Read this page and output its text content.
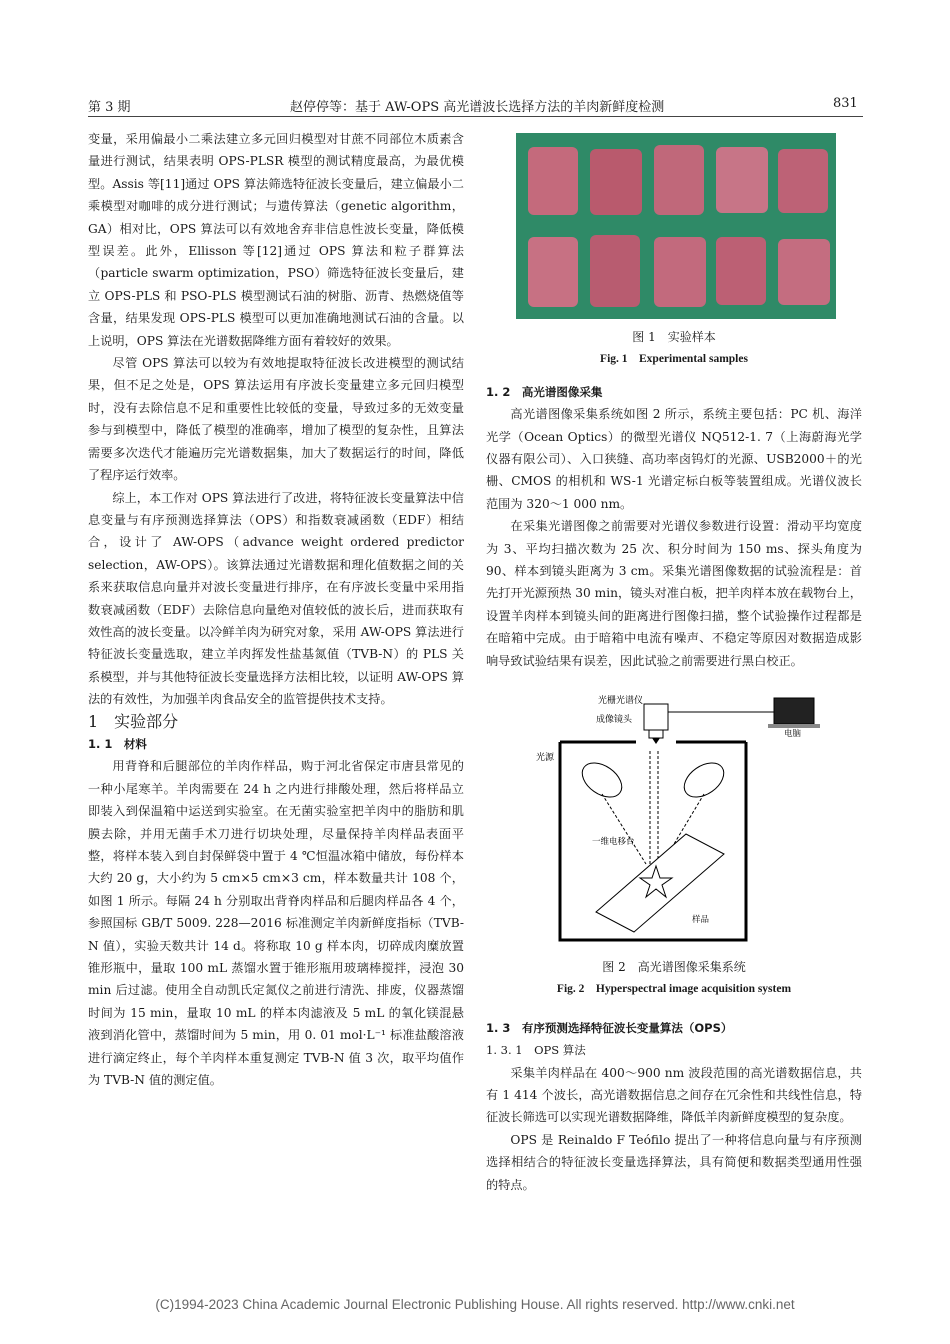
第 3 期	赵停停等：基于 AW-OPS 高光谱波长选择方法的羊肉新鲜度检测	831

变量，采用偏最小二乘法建立多元回归模型对甘蔗不同部位木质素含量进行测试，结果表明 OPS-PLSR 模型的测试精度最高，为最优模型。Assis 等[11]通过 OPS 算法筛选特征波长变量后，建立偏最小二乘模型对咖啡的成分进行测试；与遗传算法（genetic algorithm，GA）相对比，OPS 算法可以有效地舍弃非信息性波长变量，降低模型误差。此外，Ellisson 等[12]通过 OPS 算法和粒子群算法（particle swarm optimization，PSO）筛选特征波长变量后，建立 OPS-PLS 和 PSO-PLS 模型测试石油的树脂、沥青、热燃烧值等含量，结果发现 OPS-PLS 模型可以更加准确地测试石油的含量。以上说明，OPS 算法在光谱数据降维方面有着较好的效果。

尽管 OPS 算法可以较为有效地提取特征波长改进模型的测试结果，但不足之处是，OPS 算法运用有序波长变量建立多元回归模型时，没有去除信息不足和重要性比较低的变量，导致过多的无效变量参与到模型中，降低了模型的准确率，增加了模型的复杂性，且算法需要多次迭代才能遍历完光谱数据集，加大了数据运行的时间，降低了程序运行效率。

综上，本工作对 OPS 算法进行了改进，将特征波长变量算法中信息变量与有序预测选择算法（OPS）和指数衰减函数（EDF）相结合，设计了 AW-OPS（advance weight ordered predictor selection，AW-OPS）。该算法通过光谱数据和理化值数据之间的关系来获取信息向量并对波长变量进行排序，在有序波长变量中采用指数衰减函数（EDF）去除信息向量绝对值较低的波长后，进而获取有效性高的波长变量。以冷鲜羊肉为研究对象，采用 AW-OPS 算法进行特征波长变量选取，建立羊肉挥发性盐基氮值（TVB-N）的 PLS 关系模型，并与其他特征波长变量选择方法相比较，以证明 AW-OPS 算法的有效性，为加强羊肉食品安全的监管提供技术支持。

1　实验部分

1. 1　材料

用背脊和后腿部位的羊肉作样品，购于河北省保定市唐县常见的一种小尾寒羊。羊肉需要在 24 h 之内进行排酸处理，然后将样品立即装入到保温箱中运送到实验室。在无菌实验室把羊肉中的脂肪和肌膜去除，并用无菌手术刀进行切块处理，尽量保持羊肉样品表面平整，将样本装入到自封保鲜袋中置于 4 ℃恒温冰箱中储放，每份样本大约 20 g，大小约为 5 cm×5 cm×3 cm，样本数量共计 108 个，如图 1 所示。每隔 24 h 分别取出背脊肉样品和后腿肉样品各 4 个，参照国标 GB/T 5009. 228—2016 标准测定羊肉新鲜度指标（TVB-N 值），实验天数共计 14 d。将称取 10 g 样本肉，切碎成肉糜放置锥形瓶中，量取 100 mL 蒸馏水置于锥形瓶用玻璃棒搅拌，浸泡 30 min 后过滤。使用全自动凯氏定氮仪之前进行清洗、排废，仪器蒸馏时间为 15 min，量取 10 mL 的样本肉滤液及 5 mL 的氧化镁混悬液到消化管中，蒸馏时间为 5 min，用 0. 01 mol·L⁻¹ 标准盐酸溶液进行滴定终止，每个羊肉样本重复测定 TVB-N 值 3 次，取平均值作为 TVB-N 值的测定值。

图 1　实验样本
Fig. 1　Experimental samples

1. 2　高光谱图像采集

高光谱图像采集系统如图 2 所示，系统主要包括：PC 机、海洋光学（Ocean Optics）的微型光谱仪 NQ512-1. 7（上海蔚海光学仪器有限公司）、入口狭缝、高功率卤钨灯的光源、USB2000＋的光栅、CMOS 的相机和 WS-1 光谱定标白板等装置组成。光谱仪波长范围为 320～1 000 nm。

在采集光谱图像之前需要对光谱仪参数进行设置：滑动平均宽度为 3、平均扫描次数为 25 次、积分时间为 150 ms、探头角度为 90、样本到镜头距离为 3 cm。采集光谱图像数据的试验流程是：首先打开光源预热 30 min，镜头对准白板，把羊肉样本放在载物台上，设置羊肉样本到镜头间的距离进行图像扫描，整个试验操作过程都是在暗箱中完成。由于暗箱中电流有噪声、不稳定等原因对数据造成影响导致试验结果有误差，因此试验之前需要进行黑白校正。

光栅光谱仪
成像镜头
电脑
光源
一维电移台
样品
图 2　高光谱图像采集系统
Fig. 2　Hyperspectral image acquisition system

1. 3　有序预测选择特征波长变量算法（OPS）

1. 3. 1　OPS 算法

采集羊肉样品在 400～900 nm 波段范围的高光谱数据信息，共有 1 414 个波长，高光谱数据信息之间存在冗余性和共线性信息，特征波长筛选可以实现光谱数据降维，降低羊肉新鲜度模型的复杂度。

OPS 是 Reinaldo F Teófilo 提出了一种将信息向量与有序预测选择相结合的特征波长变量选择算法，具有简便和数据类型通用性强的特点。

(C)1994-2023 China Academic Journal Electronic Publishing House. All rights reserved. http://www.cnki.net
